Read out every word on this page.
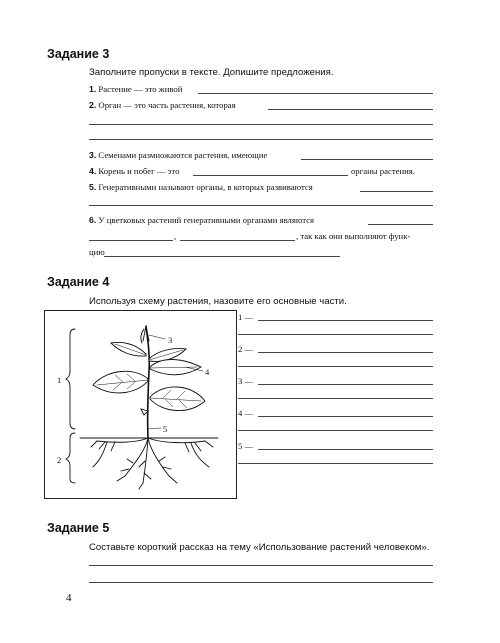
Задание 3
Заполните пропуски в тексте. Допишите предложения.
1. Растение — это живой
2. Орган — это часть растения, которая
3. Семенами размножаются растения, имеющие
4. Корень и побег — это	органы растения.
5. Генеративными называют органы, в которых развиваются
6. У цветковых растений генеративными органами являются
,	, так как они выполняют функ-
цию
Задание 4
Используя схему растения, назовите его основные части.
1
2
3
4
5
1 —
2 —
3 —
4 —
5 —
Задание 5
Составьте короткий рассказ на тему «Использование растений человеком».
4
